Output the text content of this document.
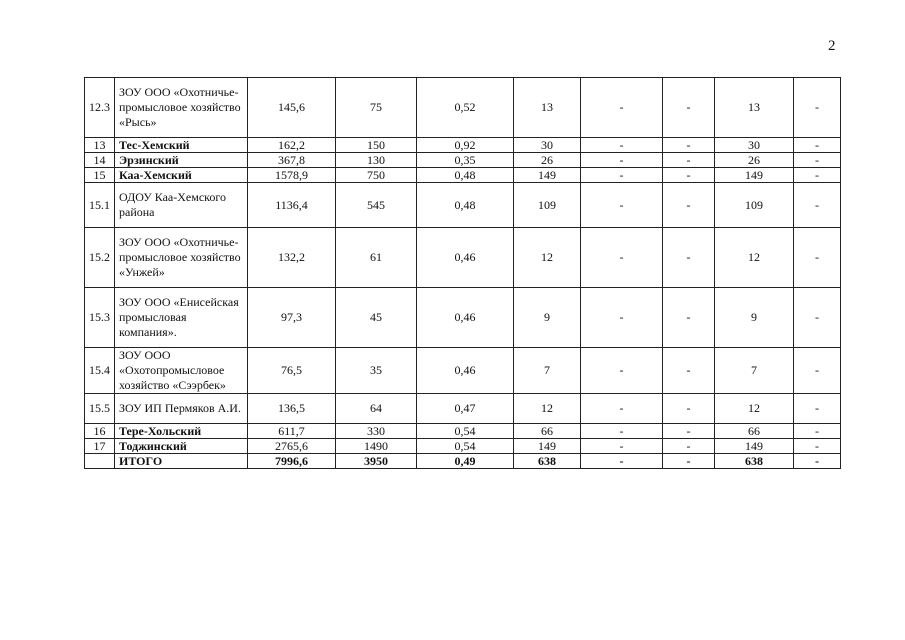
2
12.3	ЗОУ ООО «Охотничье-промысловое хозяйство «Рысь»	145,6	75	0,52	13	-	-	13	-
13	Тес-Хемский	162,2	150	0,92	30	-	-	30	-
14	Эрзинский	367,8	130	0,35	26	-	-	26	-
15	Каа-Хемский	1578,9	750	0,48	149	-	-	149	-
15.1	ОДОУ Каа-Хемского района	1136,4	545	0,48	109	-	-	109	-
15.2	ЗОУ ООО «Охотничье-промысловое хозяйство «Унжей»	132,2	61	0,46	12	-	-	12	-
15.3	ЗОУ ООО «Енисейская промысловая компания».	97,3	45	0,46	9	-	-	9	-
15.4	ЗОУ ООО «Охотопромысловое хозяйство «Сээрбек»	76,5	35	0,46	7	-	-	7	-
15.5	ЗОУ ИП Пермяков А.И.	136,5	64	0,47	12	-	-	12	-
16	Тере-Хольский	611,7	330	0,54	66	-	-	66	-
17	Тоджинский	2765,6	1490	0,54	149	-	-	149	-
	ИТОГО	7996,6	3950	0,49	638	-	-	638	-
